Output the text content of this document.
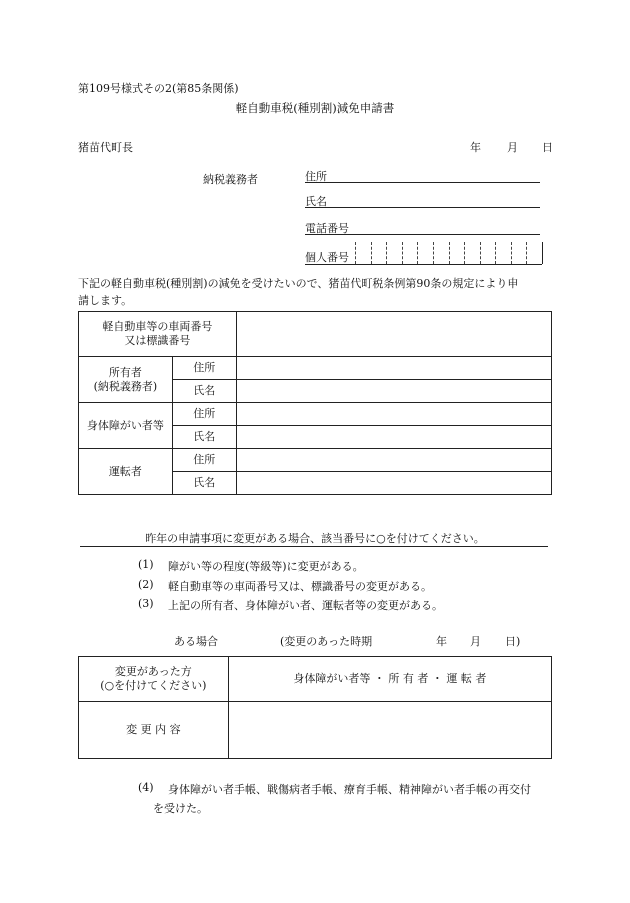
第109号様式その2(第85条関係)
軽自動車税(種別割)減免申請書
猪苗代町長	年 月 日
納税義務者	住所
氏名
電話番号
個人番号
下記の軽自動車税(種別割)の減免を受けたいので、猪苗代町税条例第90条の規定により申
請します。
軽自動車等の車両番号
又は標識番号		

所有者
(納税義務者)	住所	
	氏名	
身体障がい者等	住所	
	氏名	
運転者	住所	
	氏名	
昨年の申請事項に変更がある場合、該当番号に○を付けてください。
(1) 障がい等の程度(等級等)に変更がある。
(2) 軽自動車等の車両番号又は、標識番号の変更がある。
(3) 上記の所有者、身体障がい者、運転者等の変更がある。
ある場合	(変更のあった時期	年 月 日)
変更があった方
(○を付けてください)	身体障がい者等 ・ 所 有 者 ・ 運 転 者
変 更 内 容	
(4) 身体障がい者手帳、戦傷病者手帳、療育手帳、精神障がい者手帳の再交付
を受けた。
